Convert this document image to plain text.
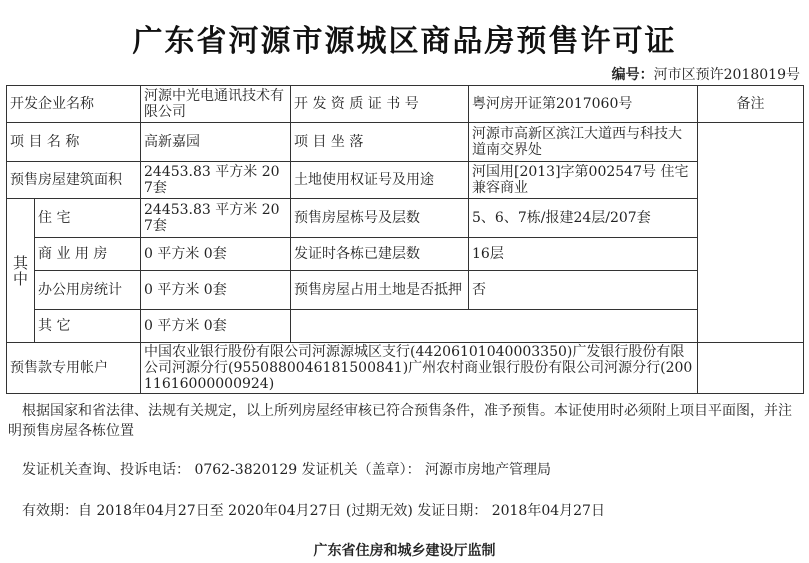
广东省河源市源城区商品房预售许可证
编号：河市区预许2018019号
开发企业名称		河源中光电通讯技术有限公司	开 发 资 质 证 书 号	粤河房开证第2017060号	备注
项 目 名 称		高新嘉园	项 目 坐 落	河源市高新区滨江大道西与科技大道南交界处	
预售房屋建筑面积		24453.83 平方米 207套	土地使用权证号及用途	河国用[2013]字第002547号 住宅兼容商业	
其
中	住 宅	24453.83 平方米 207套	预售房屋栋号及层数	5、6、7栋/报建24层/207套	
	商 业 用 房	0 平方米 0套	发证时各栋已建层数	16层	
	办公用房统计	0 平方米 0套	预售房屋占用土地是否抵押	否	
	其 它	0 平方米 0套			
预售款专用帐户		中国农业银行股份有限公司河源源城区支行(44206101040003350)广发银行股份有限公司河源分行(9550880046181500841)广州农村商业银行股份有限公司河源分行(20011616000000924)			
根据国家和省法律、法规有关规定，以上所列房屋经审核已符合预售条件，准予预售。本证使用时必须附上项目平面图，并注明预售房屋各栋位置
发证机关查询、投诉电话： 0762-3820129 发证机关（盖章）： 河源市房地产管理局
有效期：自 2018年04月27日至 2020年04月27日 (过期无效) 发证日期： 2018年04月27日
广东省住房和城乡建设厅监制
